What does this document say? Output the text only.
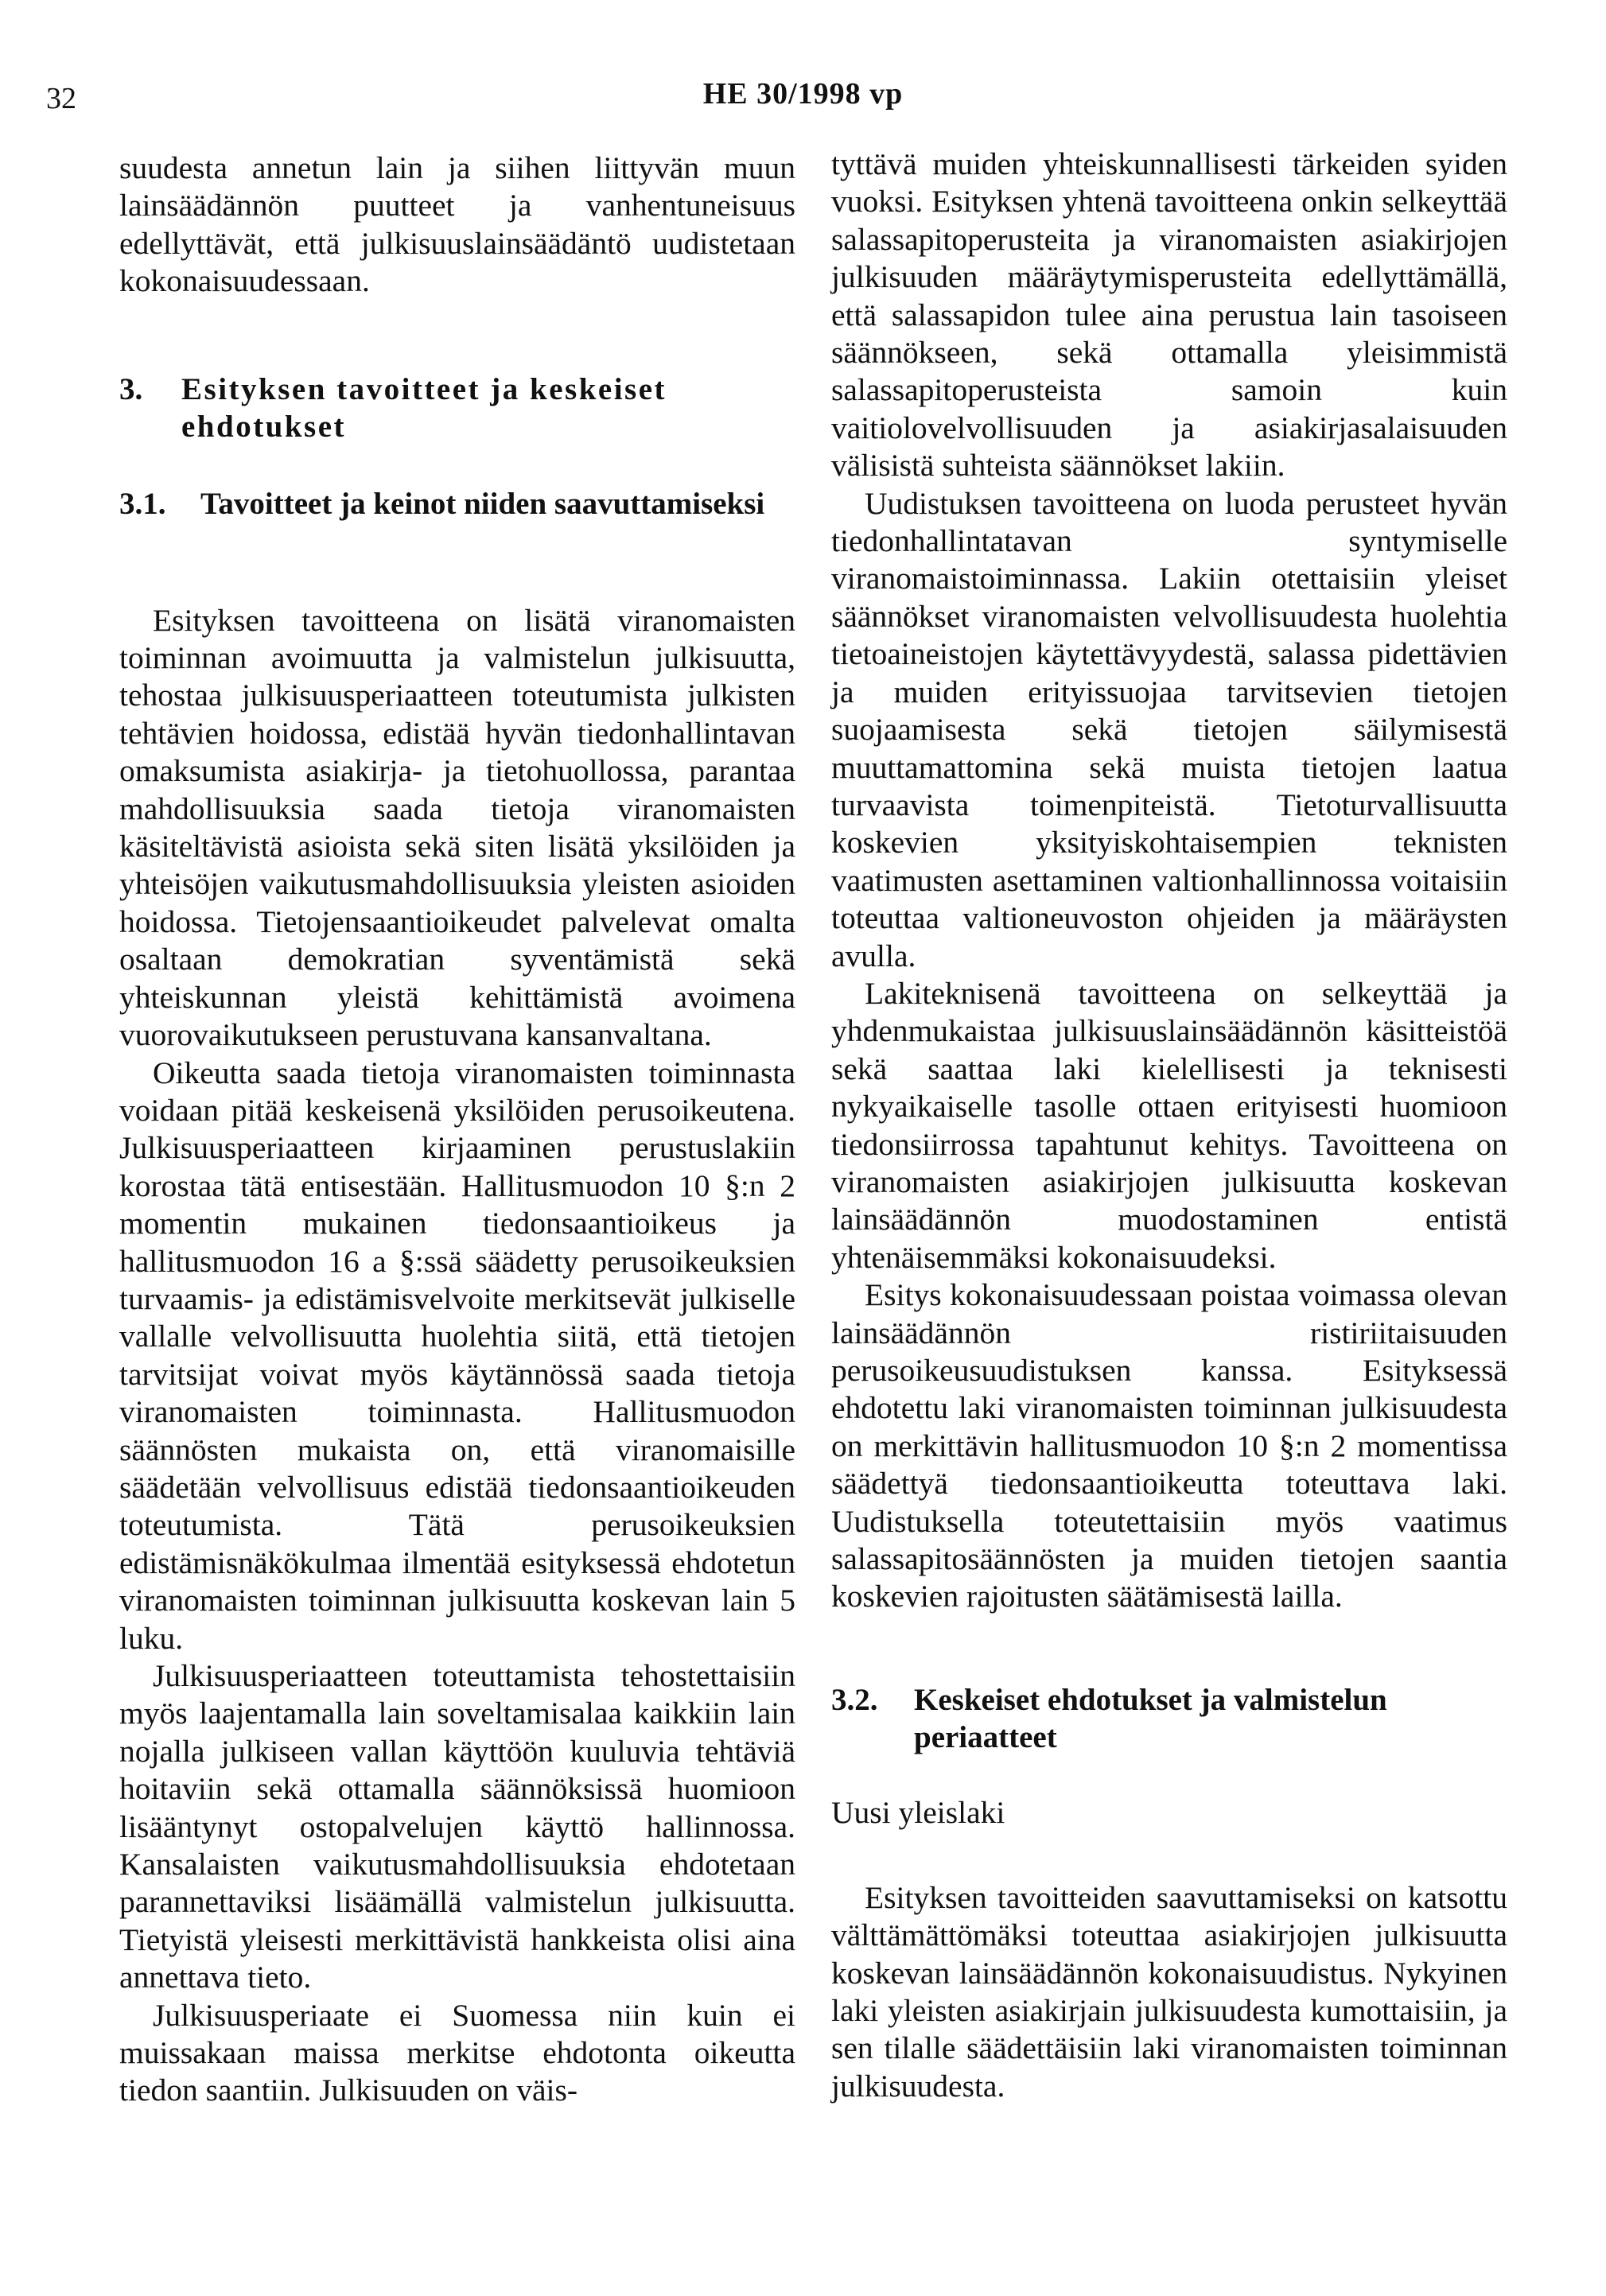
32	HE 30/1998 vp

suudesta annetun lain ja siihen liittyvän muun lainsäädännön puutteet ja vanhentuneisuus edellyttävät, että julkisuuslainsäädäntö uudistetaan kokonaisuudessaan.

3.	Esityksen tavoitteet ja keskeiset ehdotukset
3.1.	Tavoitteet ja keinot niiden saavuttamiseksi

Esityksen tavoitteena on lisätä viranomaisten toiminnan avoimuutta ja valmistelun julkisuutta, tehostaa julkisuusperiaatteen toteutumista julkisten tehtävien hoidossa, edistää hyvän tiedonhallintavan omaksumista asiakirja- ja tietohuollossa, parantaa mahdollisuuksia saada tietoja viranomaisten käsiteltävistä asioista sekä siten lisätä yksilöiden ja yhteisöjen vaikutusmahdollisuuksia yleisten asioiden hoidossa. Tietojensaantioikeudet palvelevat omalta osaltaan demokratian syventämistä sekä yhteiskunnan yleistä kehittämistä avoimena vuorovaikutukseen perustuvana kansanvaltana.

Oikeutta saada tietoja viranomaisten toiminnasta voidaan pitää keskeisenä yksilöiden perusoikeutena. Julkisuusperiaatteen kirjaaminen perustuslakiin korostaa tätä entisestään. Hallitusmuodon 10 §:n 2 momentin mukainen tiedonsaantioikeus ja hallitusmuodon 16 a §:ssä säädetty perusoikeuksien turvaamis- ja edistämisvelvoite merkitsevät julkiselle vallalle velvollisuutta huolehtia siitä, että tietojen tarvitsijat voivat myös käytännössä saada tietoja viranomaisten toiminnasta. Hallitusmuodon säännösten mukaista on, että viranomaisille säädetään velvollisuus edistää tiedonsaantioikeuden toteutumista. Tätä perusoikeuksien edistämisnäkökulmaa ilmentää esityksessä ehdotetun viranomaisten toiminnan julkisuutta koskevan lain 5 luku.

Julkisuusperiaatteen toteuttamista tehostettaisiin myös laajentamalla lain soveltamisalaa kaikkiin lain nojalla julkiseen vallan käyttöön kuuluvia tehtäviä hoitaviin sekä ottamalla säännöksissä huomioon lisääntynyt ostopalvelujen käyttö hallinnossa. Kansalaisten vaikutusmahdollisuuksia ehdotetaan parannettaviksi lisäämällä valmistelun julkisuutta. Tietyistä yleisesti merkittävistä hankkeista olisi aina annettava tieto.

Julkisuusperiaate ei Suomessa niin kuin ei muissakaan maissa merkitse ehdotonta oikeutta tiedon saantiin. Julkisuuden on väis-

tyttävä muiden yhteiskunnallisesti tärkeiden syiden vuoksi. Esityksen yhtenä tavoitteena onkin selkeyttää salassapitoperusteita ja viranomaisten asiakirjojen julkisuuden määräytymisperusteita edellyttämällä, että salassapidon tulee aina perustua lain tasoiseen säännökseen, sekä ottamalla yleisimmistä salassapitoperusteista samoin kuin vaitiolovelvollisuuden ja asiakirjasalaisuuden välisistä suhteista säännökset lakiin.

Uudistuksen tavoitteena on luoda perusteet hyvän tiedonhallintatavan syntymiselle viranomaistoiminnassa. Lakiin otettaisiin yleiset säännökset viranomaisten velvollisuudesta huolehtia tietoaineistojen käytettävyydestä, salassa pidettävien ja muiden erityissuojaa tarvitsevien tietojen suojaamisesta sekä tietojen säilymisestä muuttamattomina sekä muista tietojen laatua turvaavista toimenpiteistä. Tietoturvallisuutta koskevien yksityiskohtaisempien teknisten vaatimusten asettaminen valtionhallinnossa voitaisiin toteuttaa valtioneuvoston ohjeiden ja määräysten avulla.

Lakiteknisenä tavoitteena on selkeyttää ja yhdenmukaistaa julkisuuslainsäädännön käsitteistöä sekä saattaa laki kielellisesti ja teknisesti nykyaikaiselle tasolle ottaen erityisesti huomioon tiedonsiirrossa tapahtunut kehitys. Tavoitteena on viranomaisten asiakirjojen julkisuutta koskevan lainsäädännön muodostaminen entistä yhtenäisemmäksi kokonaisuudeksi.

Esitys kokonaisuudessaan poistaa voimassa olevan lainsäädännön ristiriitaisuuden perusoikeusuudistuksen kanssa. Esityksessä ehdotettu laki viranomaisten toiminnan julkisuudesta on merkittävin hallitusmuodon 10 §:n 2 momentissa säädettyä tiedonsaantioikeutta toteuttava laki. Uudistuksella toteutettaisiin myös vaatimus salassapitosäännösten ja muiden tietojen saantia koskevien rajoitusten säätämisestä lailla.

3.2.	Keskeiset ehdotukset ja valmistelun periaatteet
Uusi yleislaki

Esityksen tavoitteiden saavuttamiseksi on katsottu välttämättömäksi toteuttaa asiakirjojen julkisuutta koskevan lainsäädännön kokonaisuudistus. Nykyinen laki yleisten asiakirjain julkisuudesta kumottaisiin, ja sen tilalle säädettäisiin laki viranomaisten toiminnan julkisuudesta.
